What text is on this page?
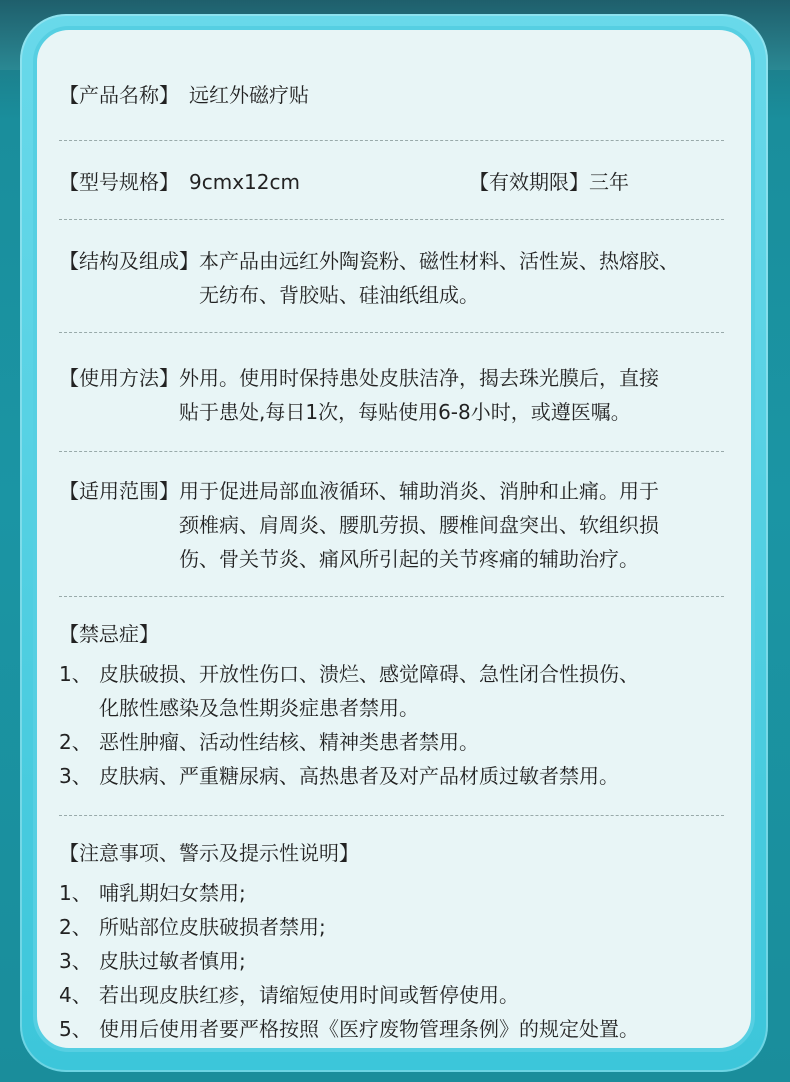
【产品名称】 远红外磁疗贴
【型号规格】 9cmx12cm	【有效期限】 三年
【结构及组成】 本产品由远红外陶瓷粉、磁性材料、活性炭、热熔胶、
无纺布、背胶贴、硅油纸组成。
【使用方法】 外用。使用时保持患处皮肤洁净，揭去珠光膜后，直接
贴于患处,每日1次，每贴使用6-8小时，或遵医嘱。
【适用范围】 用于促进局部血液循环、辅助消炎、消肿和止痛。用于
颈椎病、肩周炎、腰肌劳损、腰椎间盘突出、软组织损
伤、骨关节炎、痛风所引起的关节疼痛的辅助治疗。
【禁忌症】
1、 皮肤破损、开放性伤口、溃烂、感觉障碍、急性闭合性损伤、
化脓性感染及急性期炎症患者禁用。
2、 恶性肿瘤、活动性结核、精神类患者禁用。
3、 皮肤病、严重糖尿病、高热患者及对产品材质过敏者禁用。
【注意事项、警示及提示性说明】
1、 哺乳期妇女禁用;
2、 所贴部位皮肤破损者禁用;
3、 皮肤过敏者慎用;
4、 若出现皮肤红疹，请缩短使用时间或暂停使用。
5、 使用后使用者要严格按照《医疗废物管理条例》的规定处置。
